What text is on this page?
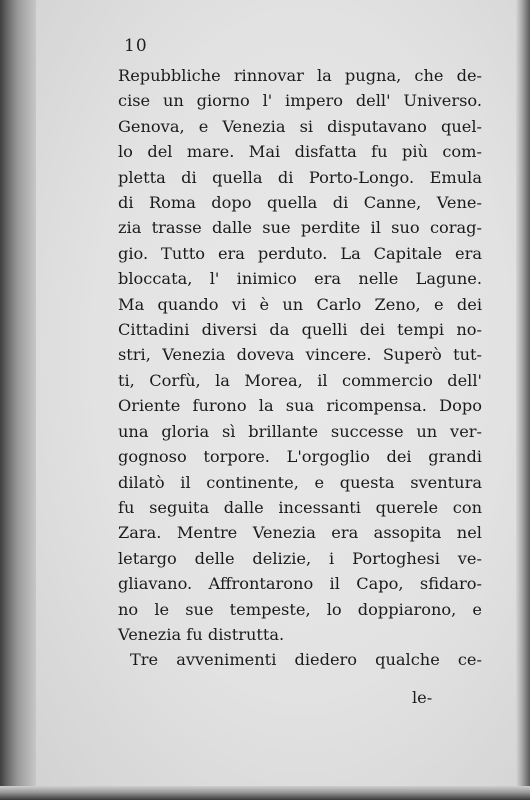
10
Repubbliche rinnovar la pugna, che de-
cise un giorno l' impero dell' Universo.
Genova, e Venezia si disputavano quel-
lo del mare. Mai disfatta fu più com-
pletta di quella di Porto-Longo. Emula
di Roma dopo quella di Canne, Vene-
zia trasse dalle sue perdite il suo corag-
gio. Tutto era perduto. La Capitale era
bloccata, l' inimico era nelle Lagune.
Ma quando vi è un Carlo Zeno, e dei
Cittadini diversi da quelli dei tempi no-
stri, Venezia doveva vincere. Superò tut-
ti, Corfù, la Morea, il commercio dell'
Oriente furono la sua ricompensa. Dopo
una gloria sì brillante successe un ver-
gognoso torpore. L'orgoglio dei grandi
dilatò il continente, e questa sventura
fu seguita dalle incessanti querele con
Zara. Mentre Venezia era assopita nel
letargo delle delizie, i Portoghesi ve-
gliavano. Affrontarono il Capo, sfidaro-
no le sue tempeste, lo doppiarono, e
Venezia fu distrutta.
Tre avvenimenti diedero qualche ce-
le-
